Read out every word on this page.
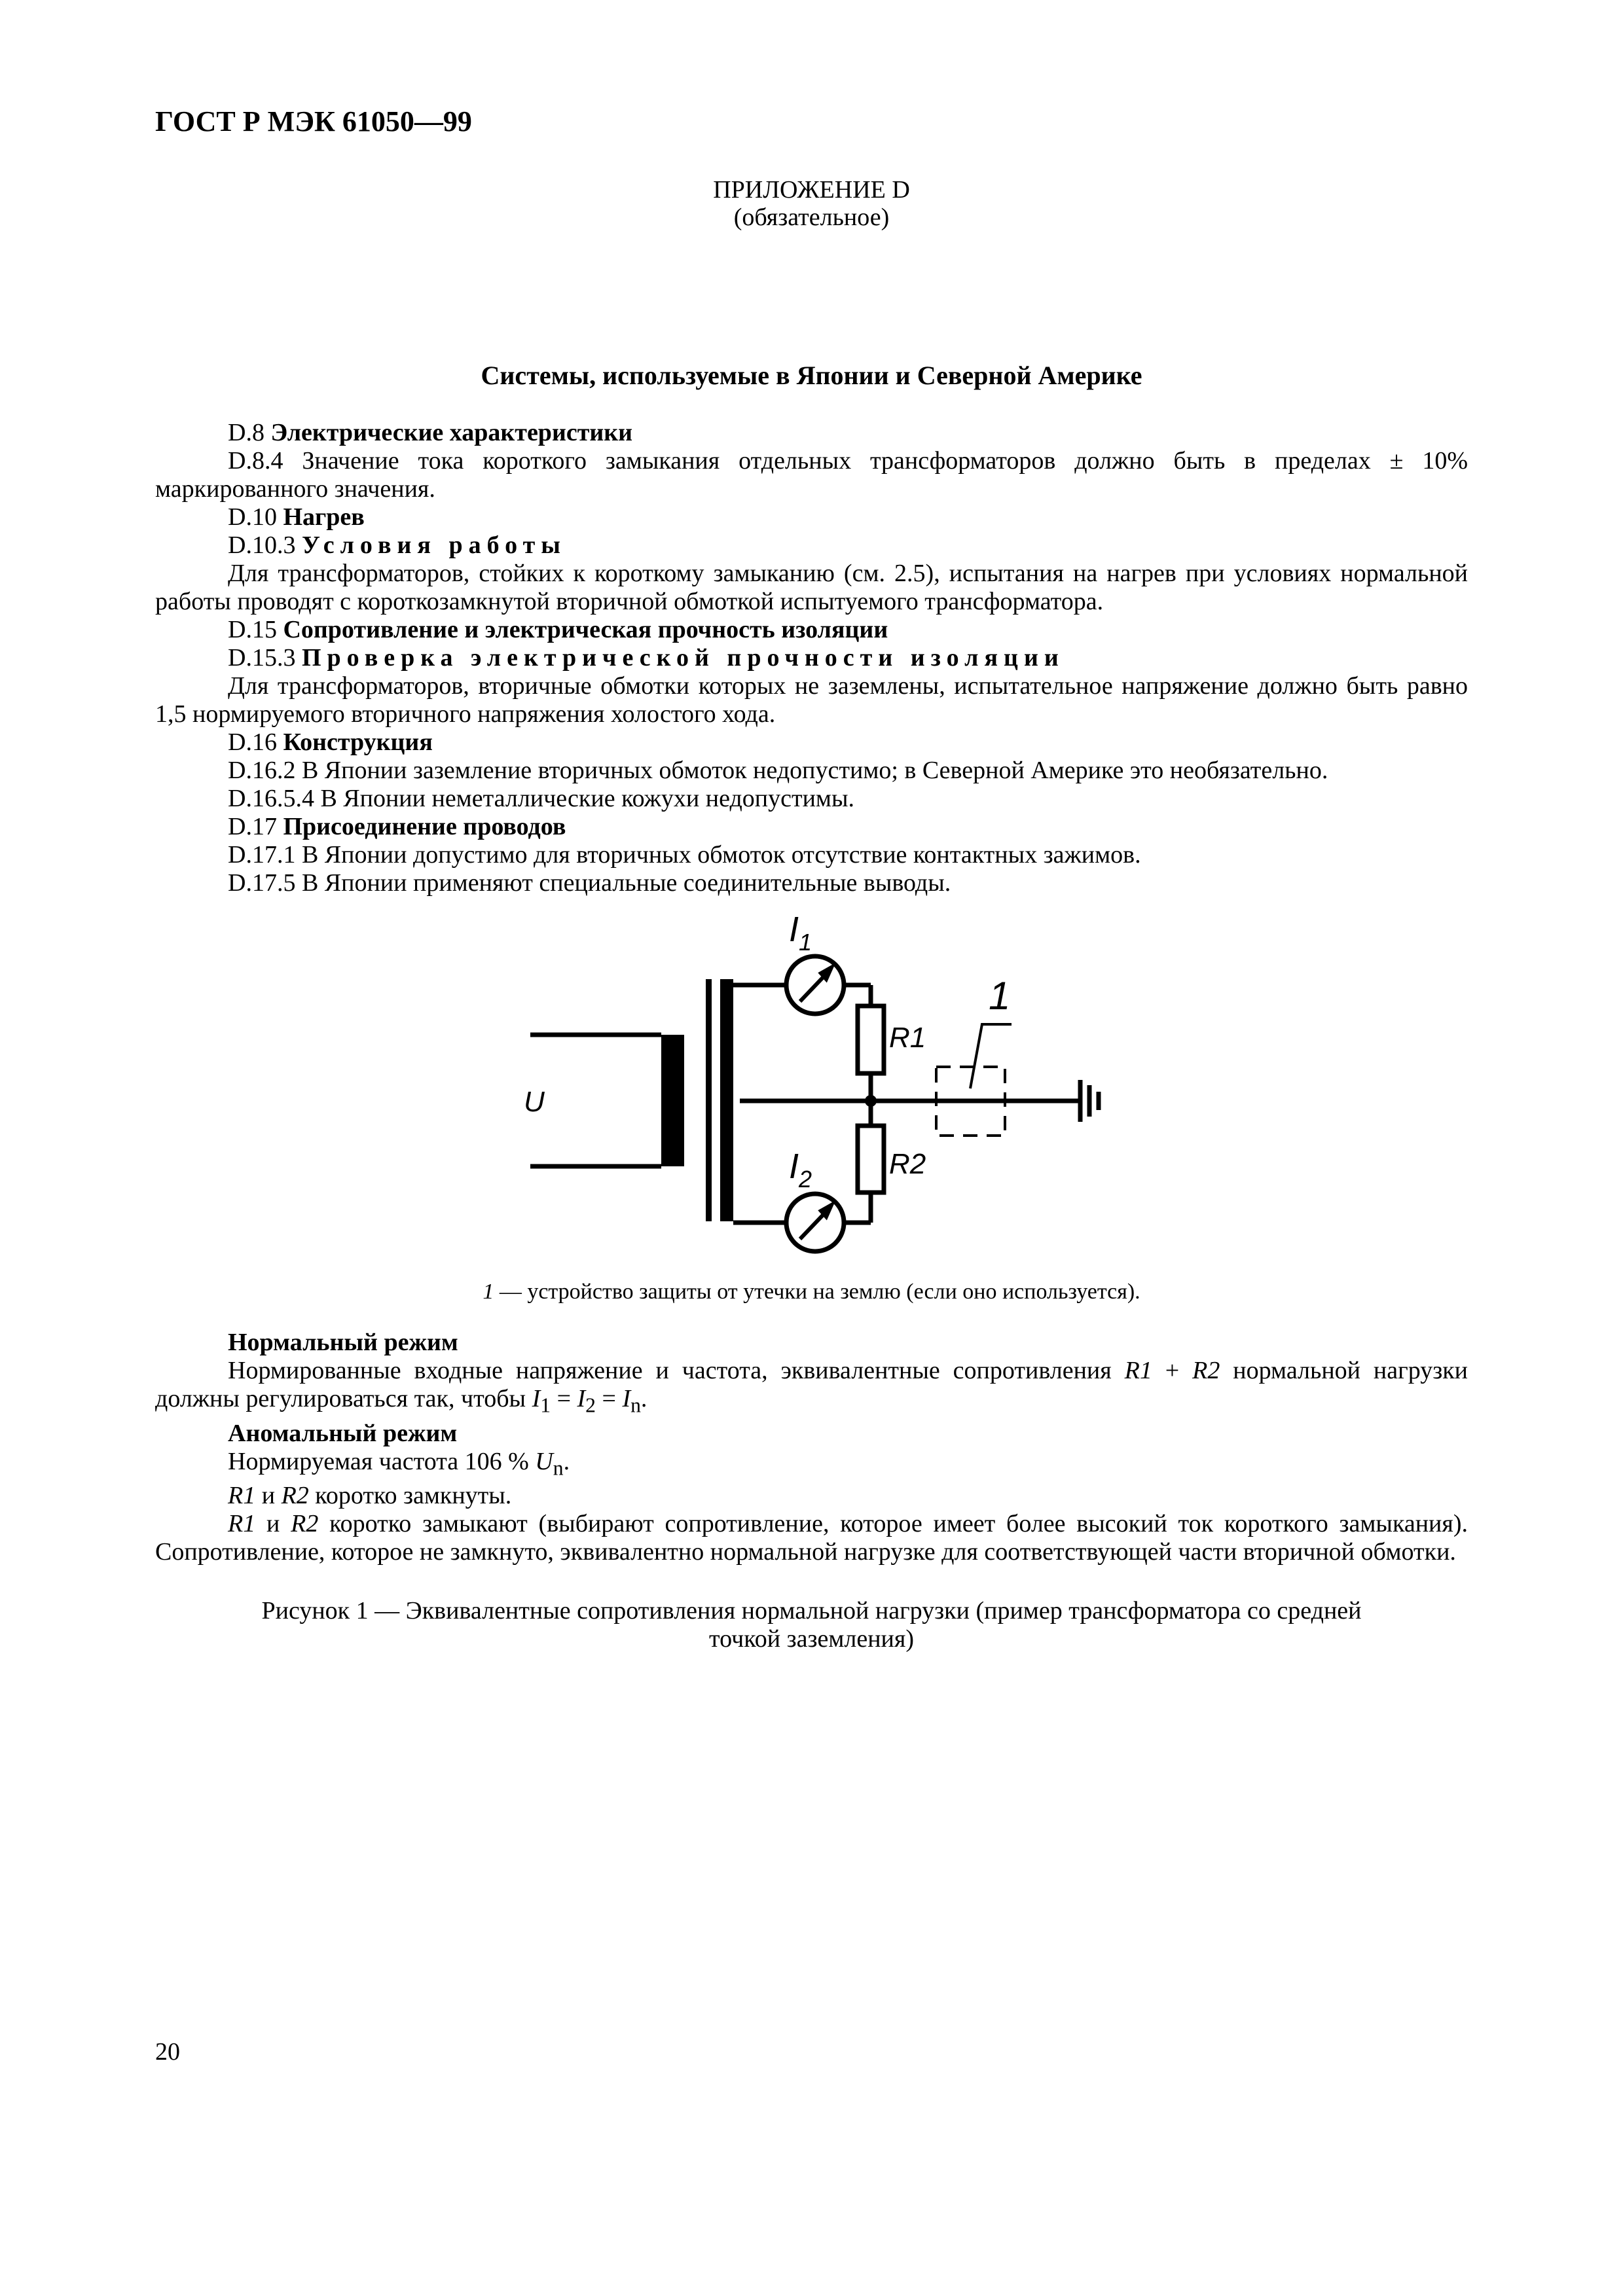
ГОСТ Р МЭК 61050—99
ПРИЛОЖЕНИЕ D
(обязательное)
Системы, используемые в Японии и Северной Америке

D.8 Электрические характеристики

D.8.4 Значение тока короткого замыкания отдельных трансформаторов должно быть в пределах ± 10% маркированного значения.

D.10 Нагрев

D.10.3 Условия работы

Для трансформаторов, стойких к короткому замыканию (см. 2.5), испытания на нагрев при условиях нормальной работы проводят с короткозамкнутой вторичной обмоткой испытуемого трансформатора.

D.15 Сопротивление и электрическая прочность изоляции

D.15.3 Проверка электрической прочности изоляции

Для трансформаторов, вторичные обмотки которых не заземлены, испытательное напряжение должно быть равно 1,5 нормируемого вторичного напряжения холостого хода.

D.16 Конструкция

D.16.2 В Японии заземление вторичных обмоток недопустимо; в Северной Америке это необязательно.

D.16.5.4 В Японии неметаллические кожухи недопустимы.

D.17 Присоединение проводов

D.17.1 В Японии допустимо для вторичных обмоток отсутствие контактных зажимов.

D.17.5 В Японии применяют специальные соединительные выводы.

$I_1$
$I_2$
R1
R2
U
1
1 — устройство защиты от утечки на землю (если оно используется).

Нормальный режим

Нормированные входные напряжение и частота, эквивалентные сопротивления R1 + R2 нормальной нагрузки должны регулироваться так, чтобы $I_1 = I_2 = I_n$.

Аномальный режим

Нормируемая частота 106 % $U_n$.

R1 и R2 коротко замкнуты.

R1 и R2 коротко замыкают (выбирают сопротивление, которое имеет более высокий ток короткого замыкания). Сопротивление, которое не замкнуто, эквивалентно нормальной нагрузке для соответствующей части вторичной обмотки.

Рисунок 1 — Эквивалентные сопротивления нормальной нагрузки (пример трансформатора со средней
точкой заземления)
20
